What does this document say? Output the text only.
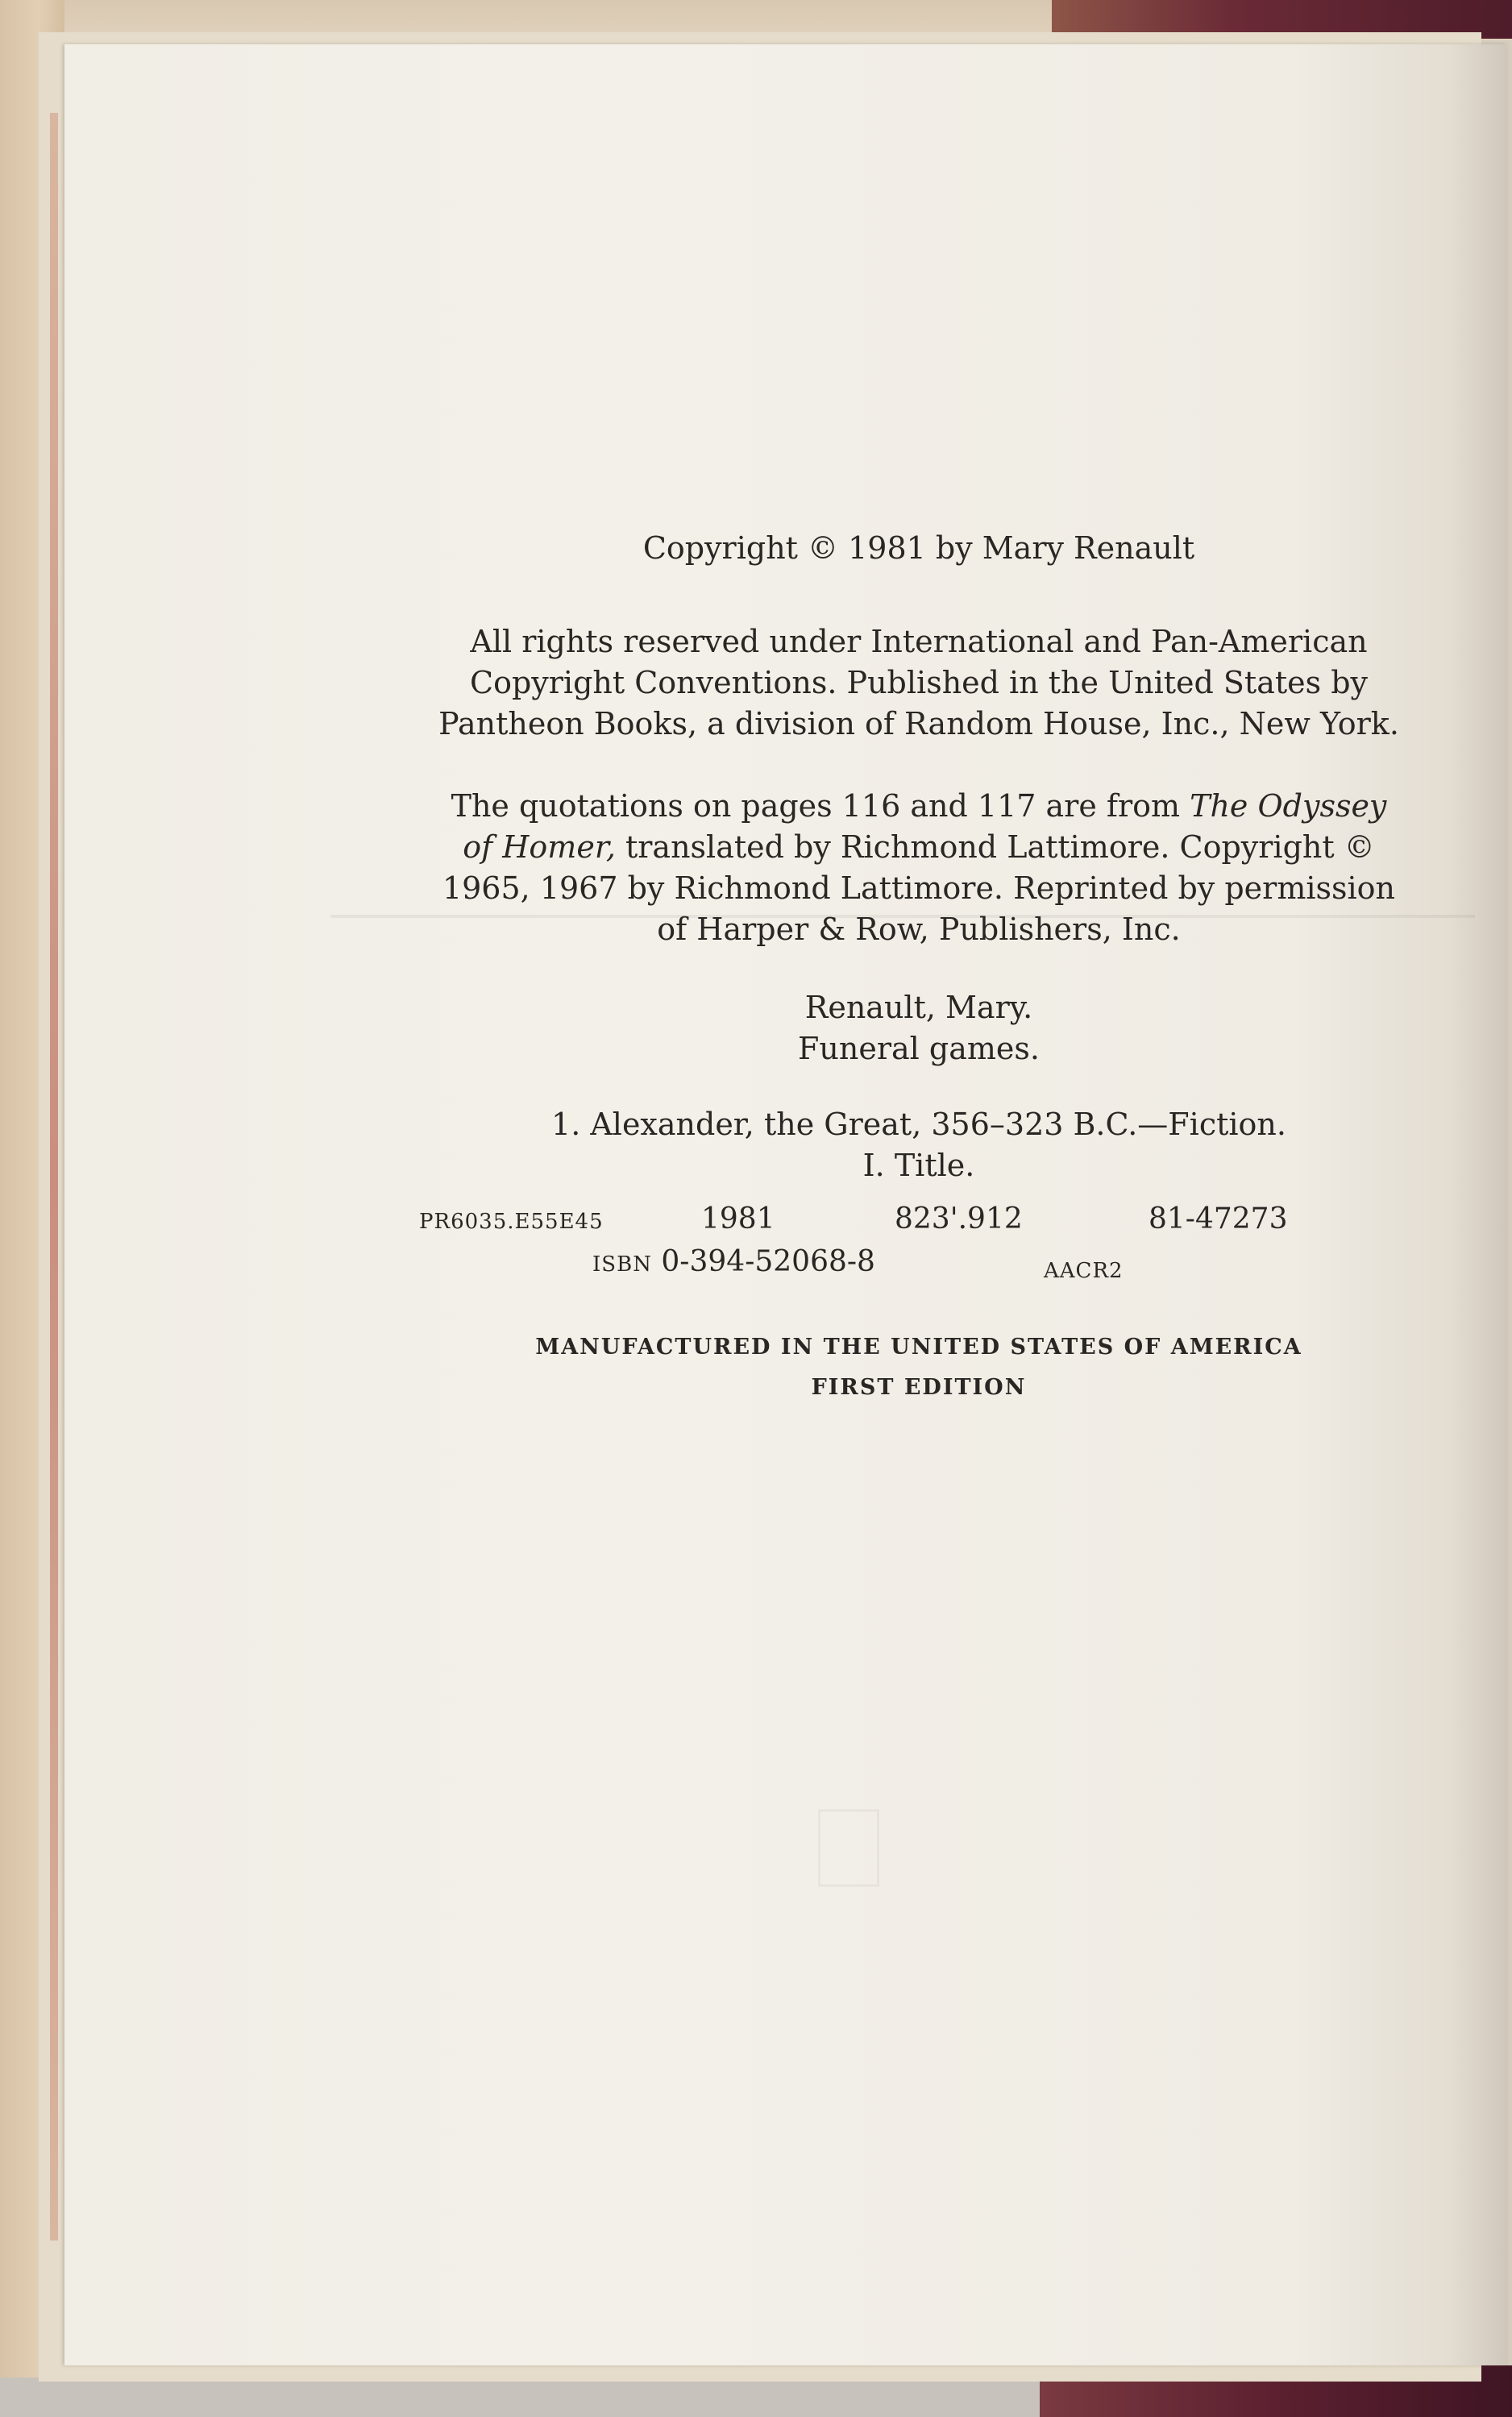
Copyright © 1981 by Mary Renault
All rights reserved under International and Pan-American
Copyright Conventions. Published in the United States by
Pantheon Books, a division of Random House, Inc., New York.
The quotations on pages 116 and 117 are from The Odyssey
of Homer, translated by Richmond Lattimore. Copyright ©
1965, 1967 by Richmond Lattimore. Reprinted by permission
of Harper & Row, Publishers, Inc.
Renault, Mary.
Funeral games.
1. Alexander, the Great, 356–323 B.C.—Fiction.
I. Title.
PR6035.E55E45	1981	823'.912	81-47273
ISBN 0-394-52068-8	AACR2
MANUFACTURED IN THE UNITED STATES OF AMERICA
FIRST EDITION
